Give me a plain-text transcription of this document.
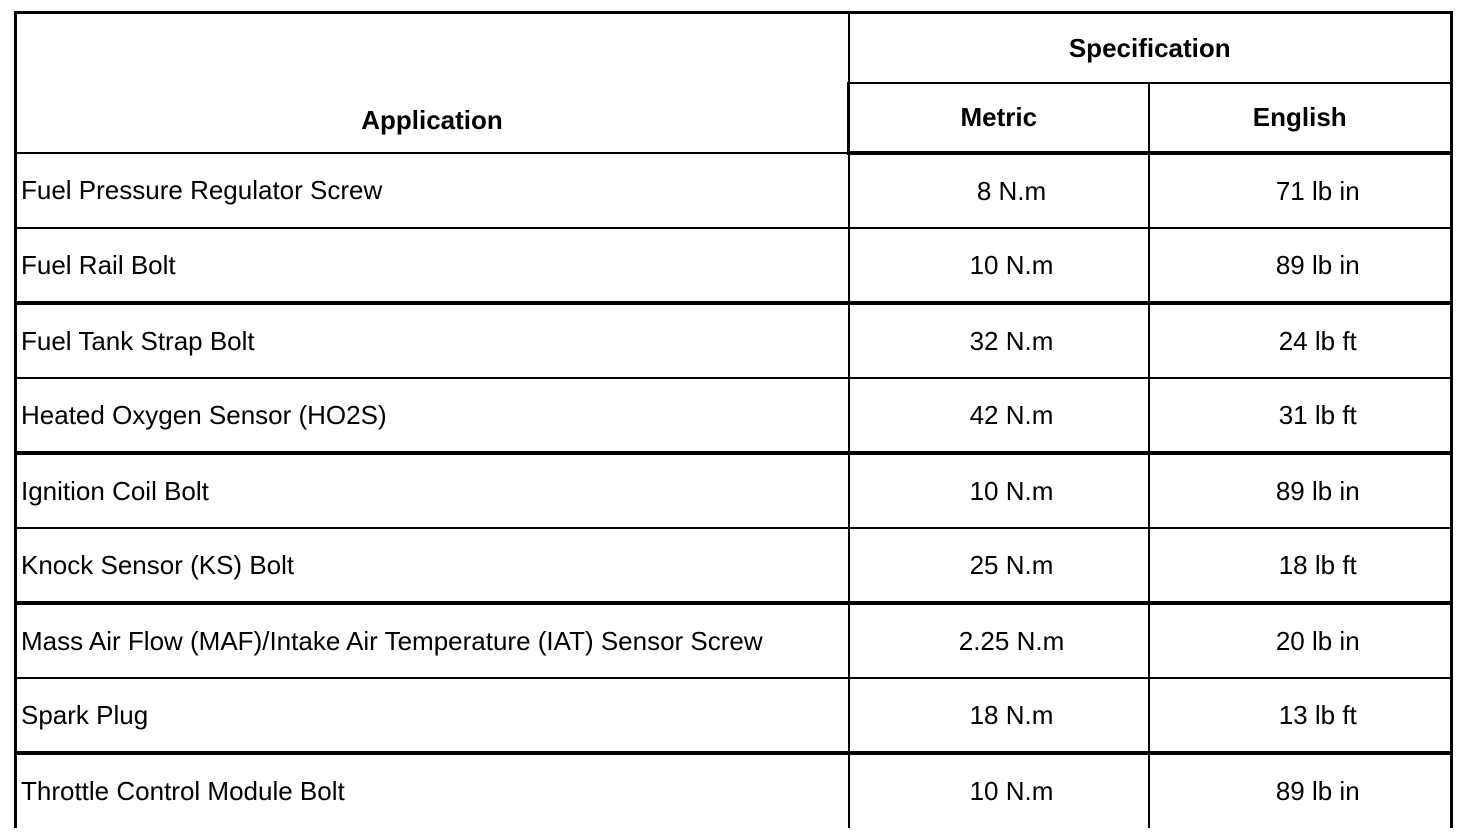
Application	Specification	
	Metric	English
Fuel Pressure Regulator Screw	8 N.m	71 lb in
Fuel Rail Bolt	10 N.m	89 lb in
Fuel Tank Strap Bolt	32 N.m	24 lb ft
Heated Oxygen Sensor (HO2S)	42 N.m	31 lb ft
Ignition Coil Bolt	10 N.m	89 lb in
Knock Sensor (KS) Bolt	25 N.m	18 lb ft
Mass Air Flow (MAF)/Intake Air Temperature (IAT) Sensor Screw	2.25 N.m	20 lb in
Spark Plug	18 N.m	13 lb ft
Throttle Control Module Bolt	10 N.m	89 lb in
